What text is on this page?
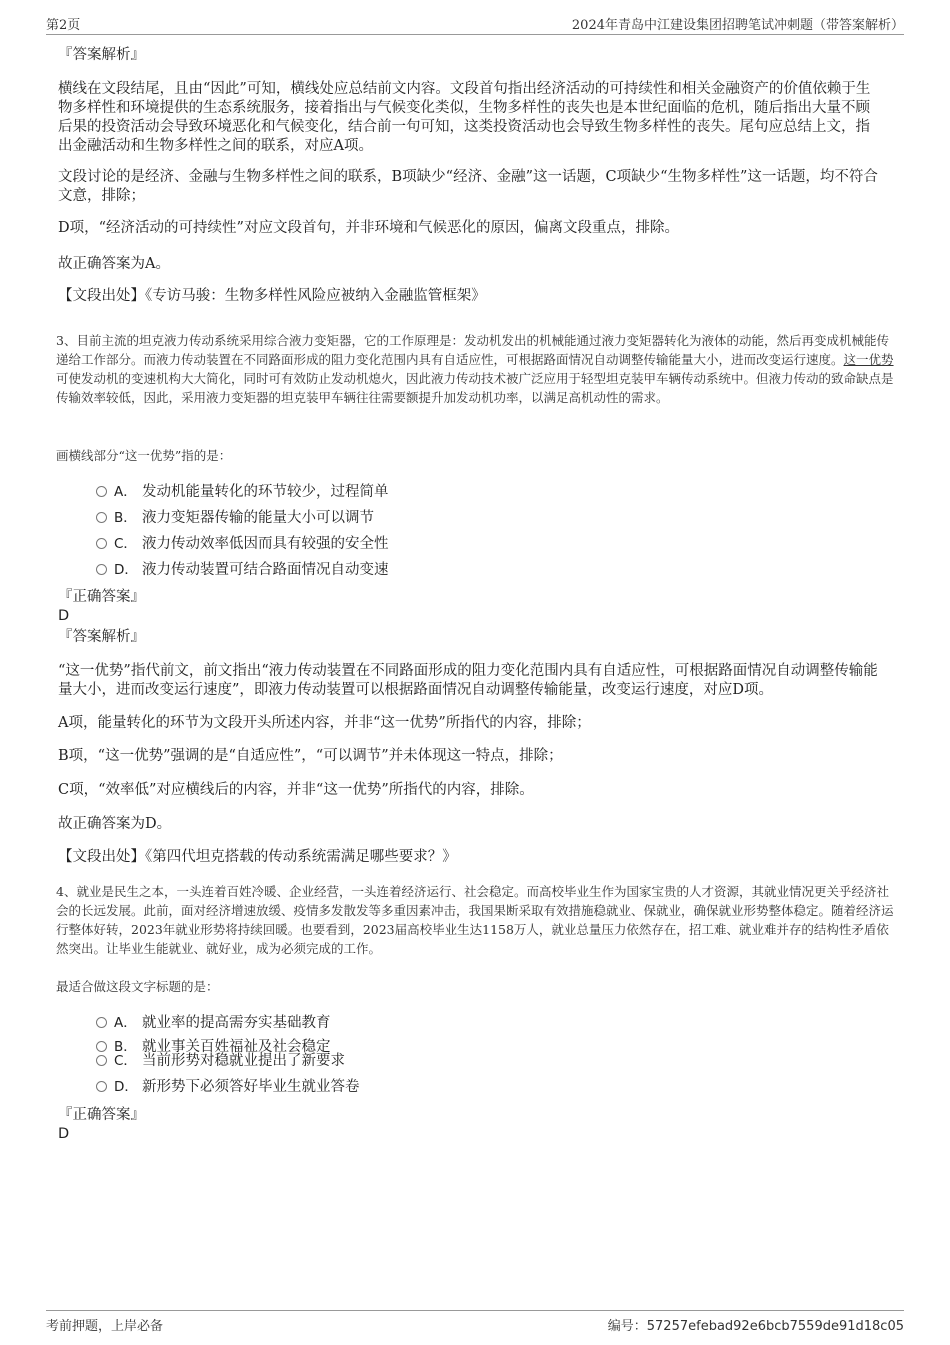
第2页	2024年青岛中江建设集团招聘笔试冲刺题（带答案解析）
『答案解析』
横线在文段结尾，且由“因此”可知，横线处应总结前文内容。文段首句指出经济活动的可持续性和相关金融资产的价值依赖于生物多样性和环境提供的生态系统服务，接着指出与气候变化类似，生物多样性的丧失也是本世纪面临的危机，随后指出大量不顾后果的投资活动会导致环境恶化和气候变化，结合前一句可知，这类投资活动也会导致生物多样性的丧失。尾句应总结上文，指出金融活动和生物多样性之间的联系，对应A项。
文段讨论的是经济、金融与生物多样性之间的联系，B项缺少“经济、金融”这一话题，C项缺少“生物多样性”这一话题，均不符合文意，排除；
D项，“经济活动的可持续性”对应文段首句，并非环境和气候恶化的原因，偏离文段重点，排除。
故正确答案为A。
【文段出处】《专访马骏：生物多样性风险应被纳入金融监管框架》
3、目前主流的坦克液力传动系统采用综合液力变矩器，它的工作原理是：发动机发出的机械能通过液力变矩器转化为液体的动能，然后再变成机械能传递给工作部分。而液力传动装置在不同路面形成的阻力变化范围内具有自适应性，可根据路面情况自动调整传输能量大小，进而改变运行速度。这一优势可使发动机的变速机构大大简化，同时可有效防止发动机熄火，因此液力传动技术被广泛应用于轻型坦克装甲车辆传动系统中。但液力传动的致命缺点是传输效率较低，因此，采用液力变矩器的坦克装甲车辆往往需要额提升加发动机功率，以满足高机动性的需求。
画横线部分“这一优势”指的是：
A． 发动机能量转化的环节较少，过程简单
B． 液力变矩器传输的能量大小可以调节
C． 液力传动效率低因而具有较强的安全性
D． 液力传动装置可结合路面情况自动变速
『正确答案』
D
『答案解析』
“这一优势”指代前文，前文指出“液力传动装置在不同路面形成的阻力变化范围内具有自适应性，可根据路面情况自动调整传输能量大小，进而改变运行速度”，即液力传动装置可以根据路面情况自动调整传输能量，改变运行速度，对应D项。
A项，能量转化的环节为文段开头所述内容，并非“这一优势”所指代的内容，排除；
B项，“这一优势”强调的是“自适应性”，“可以调节”并未体现这一特点，排除；
C项，“效率低”对应横线后的内容，并非“这一优势”所指代的内容，排除。
故正确答案为D。
【文段出处】《第四代坦克搭载的传动系统需满足哪些要求？》
4、就业是民生之本，一头连着百姓冷暖、企业经营，一头连着经济运行、社会稳定。而高校毕业生作为国家宝贵的人才资源，其就业情况更关乎经济社会的长远发展。此前，面对经济增速放缓、疫情多发散发等多重因素冲击，我国果断采取有效措施稳就业、保就业，确保就业形势整体稳定。随着经济运行整体好转，2023年就业形势将持续回暖。也要看到，2023届高校毕业生达1158万人，就业总量压力依然存在，招工难、就业难并存的结构性矛盾依然突出。让毕业生能就业、就好业，成为必须完成的工作。
最适合做这段文字标题的是：
A． 就业率的提高需夯实基础教育
B． 就业事关百姓福祉及社会稳定
C． 当前形势对稳就业提出了新要求
D． 新形势下必须答好毕业生就业答卷
『正确答案』
D
考前押题，上岸必备	编号：57257efebad92e6bcb7559de91d18c05
